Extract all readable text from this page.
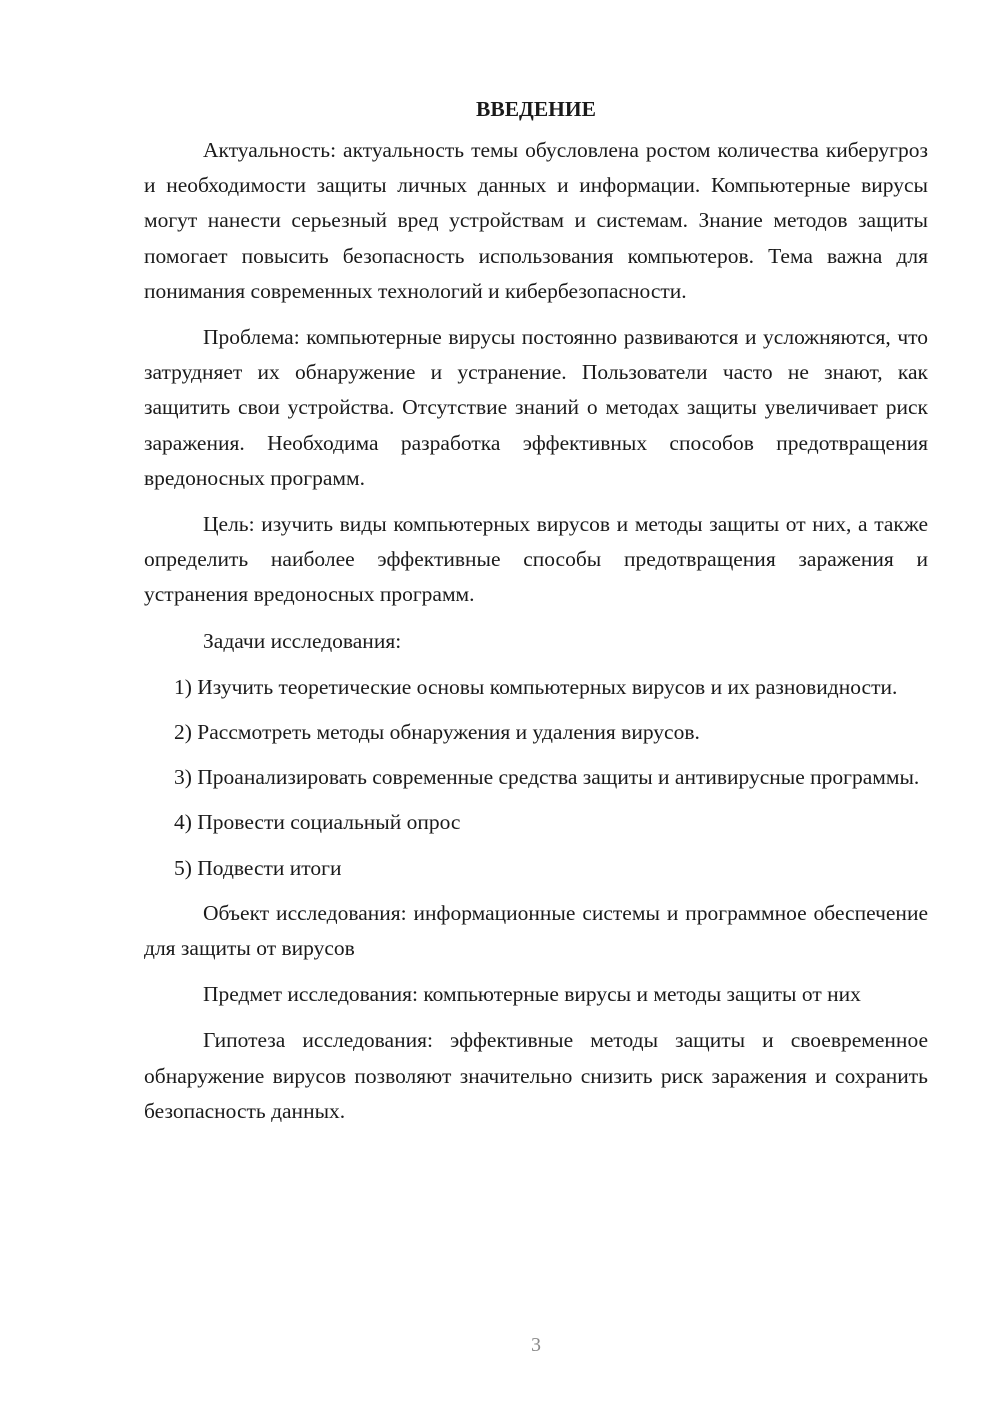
ВВЕДЕНИЕ

Актуальность: актуальность темы обусловлена ростом количества киберугроз и необходимости защиты личных данных и информации. Компьютерные вирусы могут нанести серьезный вред устройствам и системам. Знание методов защиты помогает повысить безопасность использования компьютеров. Тема важна для понимания современных технологий и кибербезопасности.

Проблема: компьютерные вирусы постоянно развиваются и усложняются, что затрудняет их обнаружение и устранение. Пользователи часто не знают, как защитить свои устройства. Отсутствие знаний о методах защиты увеличивает риск заражения. Необходима разработка эффективных способов предотвращения вредоносных программ.

Цель: изучить виды компьютерных вирусов и методы защиты от них, а также определить наиболее эффективные способы предотвращения заражения и устранения вредоносных программ.

Задачи исследования:

1) Изучить теоретические основы компьютерных вирусов и их разновидности.

2) Рассмотреть методы обнаружения и удаления вирусов.

3) Проанализировать современные средства защиты и антивирусные программы.

4) Провести социальный опрос

5) Подвести итоги

Объект исследования: информационные системы и программное обеспечение для защиты от вирусов

Предмет исследования: компьютерные вирусы и методы защиты от них

Гипотеза исследования: эффективные методы защиты и своевременное обнаружение вирусов позволяют значительно снизить риск заражения и сохранить безопасность данных.

3
